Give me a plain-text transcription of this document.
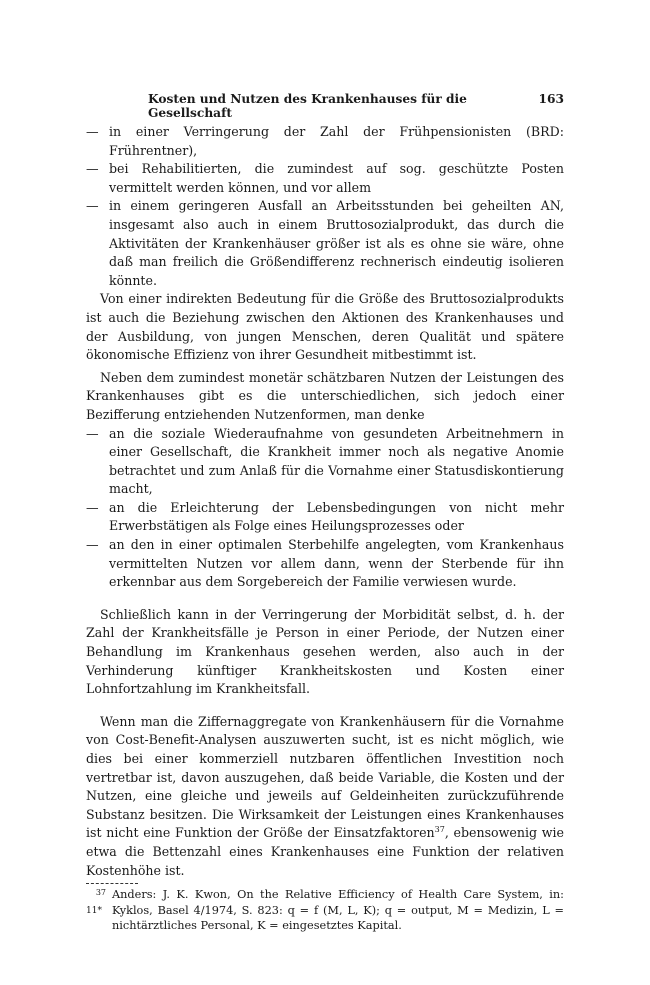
Kosten und Nutzen des Krankenhauses für die Gesellschaft
163
— in einer Verringerung der Zahl der Frühpensionisten (BRD: Frührentner),
— bei Rehabilitierten, die zumindest auf sog. geschützte Posten vermittelt werden können, und vor allem
— in einem geringeren Ausfall an Arbeitsstunden bei geheilten AN, insgesamt also auch in einem Bruttosozialprodukt, das durch die Aktivitäten der Krankenhäuser größer ist als es ohne sie wäre, ohne daß man freilich die Größendifferenz rechnerisch eindeutig isolieren könnte.

Von einer indirekten Bedeutung für die Größe des Bruttosozialprodukts ist auch die Beziehung zwischen den Aktionen des Krankenhauses und der Ausbildung, von jungen Menschen, deren Qualität und spätere ökonomische Effizienz von ihrer Gesundheit mitbestimmt ist.

Neben dem zumindest monetär schätzbaren Nutzen der Leistungen des Krankenhauses gibt es die unterschiedlichen, sich jedoch einer Bezifferung entziehenden Nutzenformen, man denke

— an die soziale Wiederaufnahme von gesundeten Arbeitnehmern in einer Gesellschaft, die Krankheit immer noch als negative Anomie betrachtet und zum Anlaß für die Vornahme einer Statusdiskontierung macht,
— an die Erleichterung der Lebensbedingungen von nicht mehr Erwerbstätigen als Folge eines Heilungsprozesses oder
— an den in einer optimalen Sterbehilfe angelegten, vom Krankenhaus vermittelten Nutzen vor allem dann, wenn der Sterbende für ihn erkennbar aus dem Sorgebereich der Familie verwiesen wurde.

Schließlich kann in der Verringerung der Morbidität selbst, d. h. der Zahl der Krankheitsfälle je Person in einer Periode, der Nutzen einer Behandlung im Krankenhaus gesehen werden, also auch in der Verhinderung künftiger Krankheitskosten und Kosten einer Lohnfortzahlung im Krankheitsfall.

Wenn man die Ziffernaggregate von Krankenhäusern für die Vornahme von Cost-Benefit-Analysen auszuwerten sucht, ist es nicht möglich, wie dies bei einer kommerziell nutzbaren öffentlichen Investition noch vertretbar ist, davon auszugehen, daß beide Variable, die Kosten und der Nutzen, eine gleiche und jeweils auf Geldeinheiten zurückzuführende Substanz besitzen. Die Wirksamkeit der Leistungen eines Krankenhauses ist nicht eine Funktion der Größe der Einsatzfaktoren$^{37}$, ebensowenig wie etwa die Bettenzahl eines Krankenhauses eine Funktion der relativen Kostenhöhe ist.

37 Anders: J. K. Kwon, On the Relative Efficiency of Health Care System, in: Kyklos, Basel 4/1974, S. 823: q = f (M, L, K); q = output, M = Medizin, L = nichtärztliches Personal, K = eingesetztes Kapital.
11*
